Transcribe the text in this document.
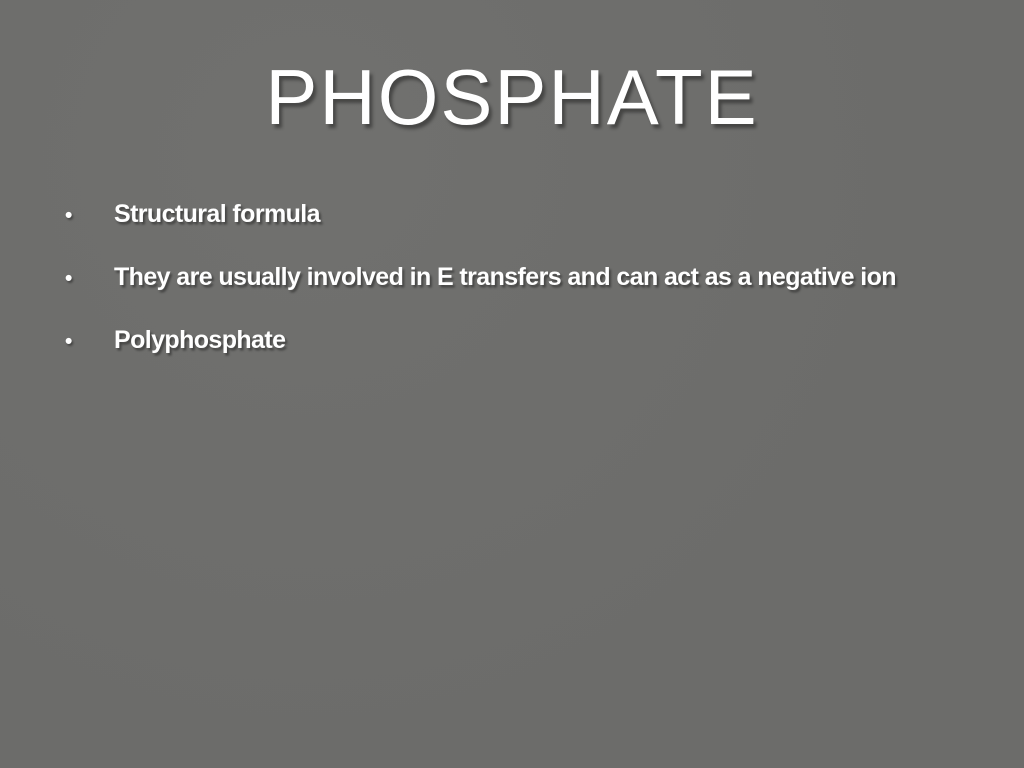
PHOSPHATE
•	Structural formula
•	They are usually involved in E transfers and can act as a negative ion
•	Polyphosphate
